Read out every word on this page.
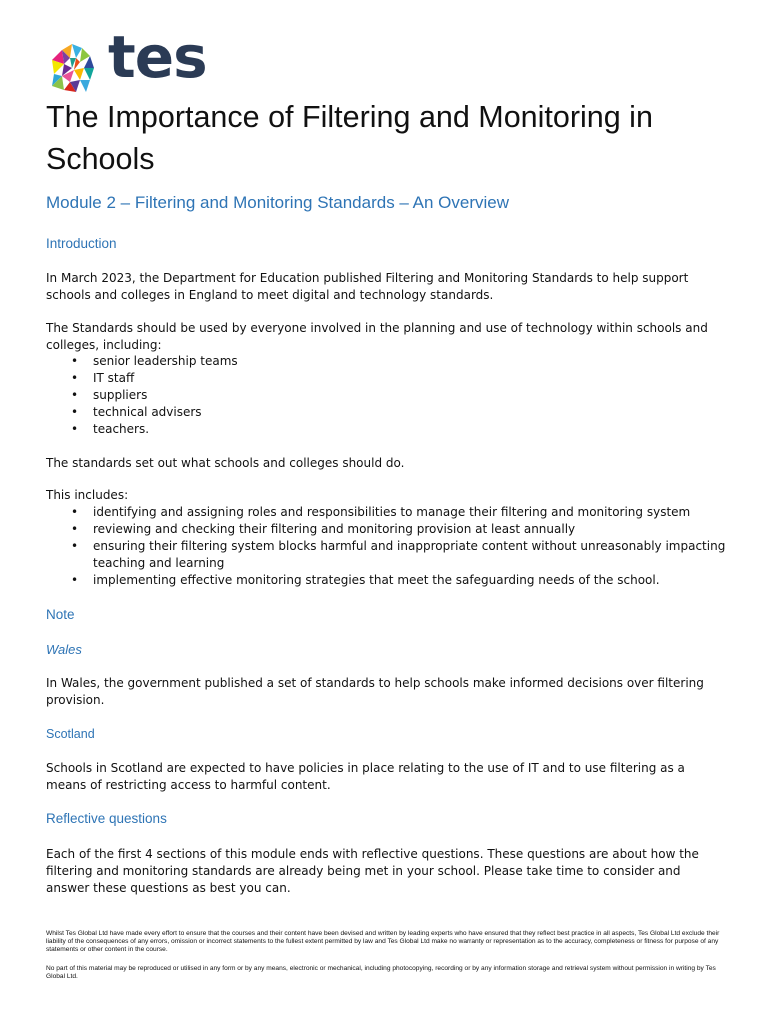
tes
The Importance of Filtering and Monitoring in Schools
Module 2 – Filtering and Monitoring Standards – An Overview
Introduction

In March 2023, the Department for Education published Filtering and Monitoring Standards to help support schools and colleges in England to meet digital and technology standards.

The Standards should be used by everyone involved in the planning and use of technology within schools and colleges, including:

• senior leadership teams
• IT staff
• suppliers
• technical advisers
• teachers.

The standards set out what schools and colleges should do.

This includes:

• identifying and assigning roles and responsibilities to manage their filtering and monitoring system
• reviewing and checking their filtering and monitoring provision at least annually
• ensuring their filtering system blocks harmful and inappropriate content without unreasonably impacting teaching and learning
• implementing effective monitoring strategies that meet the safeguarding needs of the school.
Note
Wales

In Wales, the government published a set of standards to help schools make informed decisions over filtering provision.

Scotland

Schools in Scotland are expected to have policies in place relating to the use of IT and to use filtering as a means of restricting access to harmful content.

Reflective questions

Each of the first 4 sections of this module ends with reflective questions. These questions are about how the filtering and monitoring standards are already being met in your school. Please take time to consider and answer these questions as best you can.

Whilst Tes Global Ltd have made every effort to ensure that the courses and their content have been devised and written by leading experts who have ensured that they reflect best practice in all aspects, Tes Global Ltd exclude their liability of the consequences of any errors, omission or incorrect statements to the fullest extent permitted by law and Tes Global Ltd make no warranty or representation as to the accuracy, completeness or fitness for purpose of any statements or other content in the course.

No part of this material may be reproduced or utilised in any form or by any means, electronic or mechanical, including photocopying, recording or by any information storage and retrieval system without permission in writing by Tes Global Ltd.
